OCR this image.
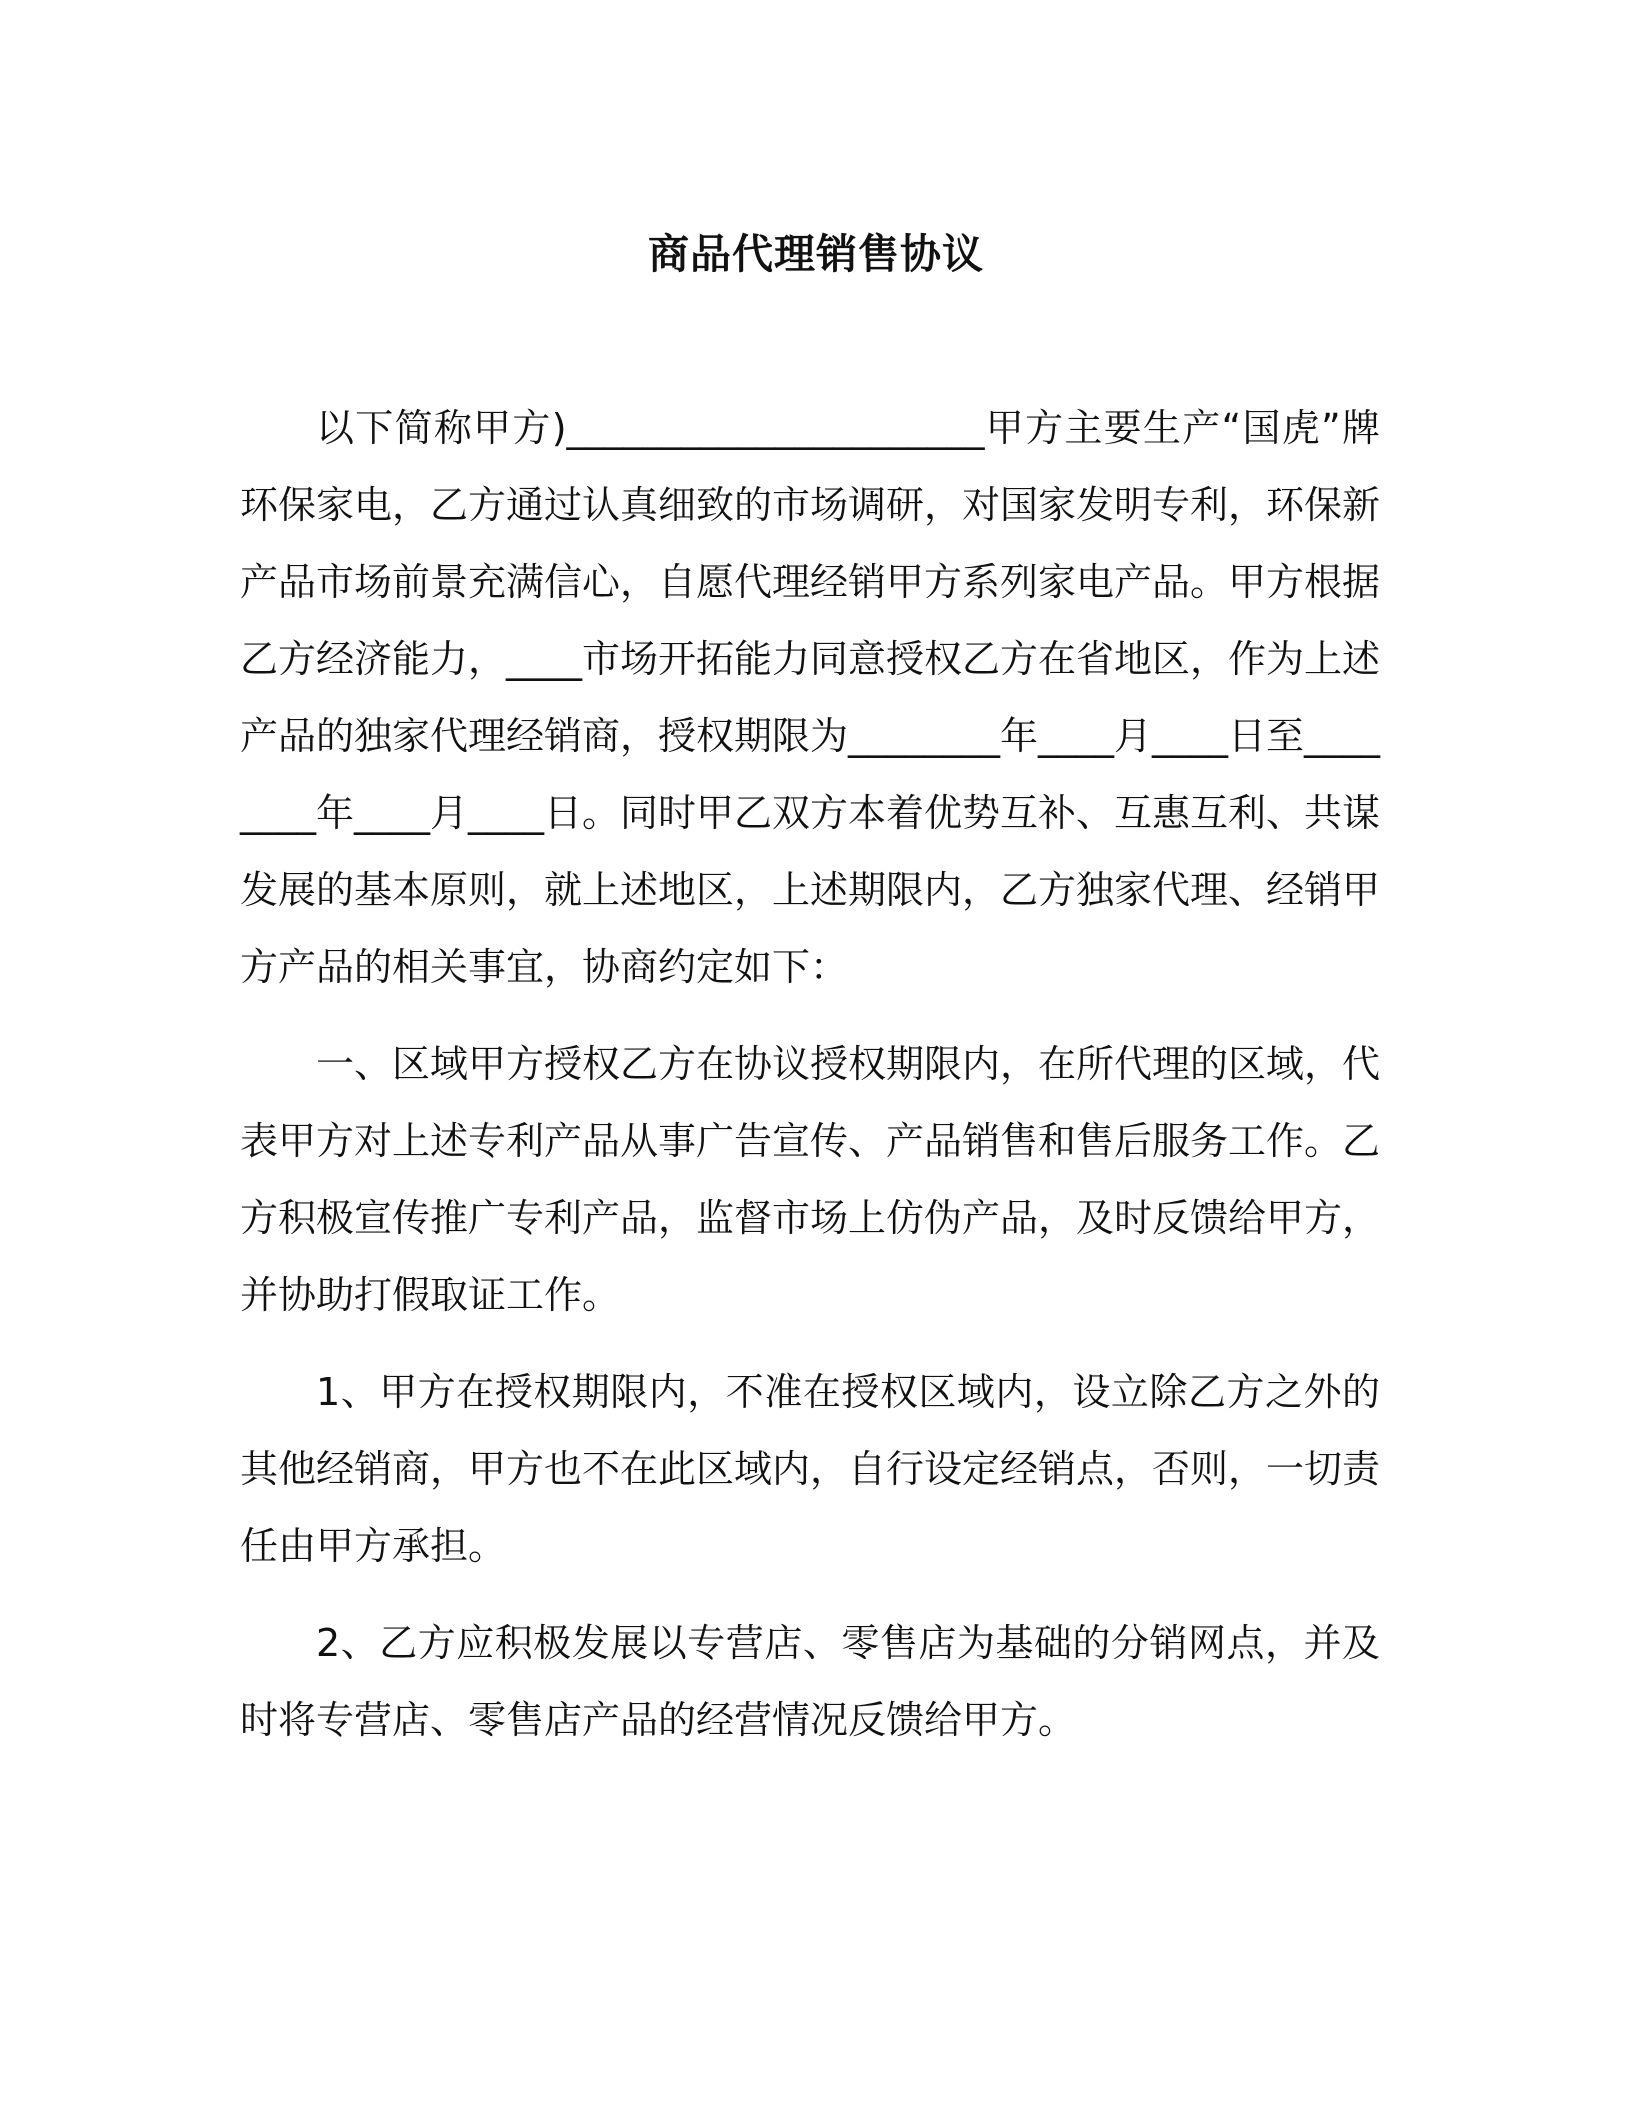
商品代理销售协议

以下简称甲方)______________________甲方主要生产“国虎”牌环保家电，乙方通过认真细致的市场调研，对国家发明专利，环保新产品市场前景充满信心，自愿代理经销甲方系列家电产品。甲方根据乙方经济能力，____市场开拓能力同意授权乙方在省地区，作为上述产品的独家代理经销商，授权期限为________年____月____日至________年____月____日。同时甲乙双方本着优势互补、互惠互利、共谋发展的基本原则，就上述地区，上述期限内，乙方独家代理、经销甲方产品的相关事宜，协商约定如下：

一、区域甲方授权乙方在协议授权期限内，在所代理的区域，代表甲方对上述专利产品从事广告宣传、产品销售和售后服务工作。乙方积极宣传推广专利产品，监督市场上仿伪产品，及时反馈给甲方，并协助打假取证工作。

1、甲方在授权期限内，不准在授权区域内，设立除乙方之外的其他经销商，甲方也不在此区域内，自行设定经销点，否则，一切责任由甲方承担。

2、乙方应积极发展以专营店、零售店为基础的分销网点，并及时将专营店、零售店产品的经营情况反馈给甲方。
